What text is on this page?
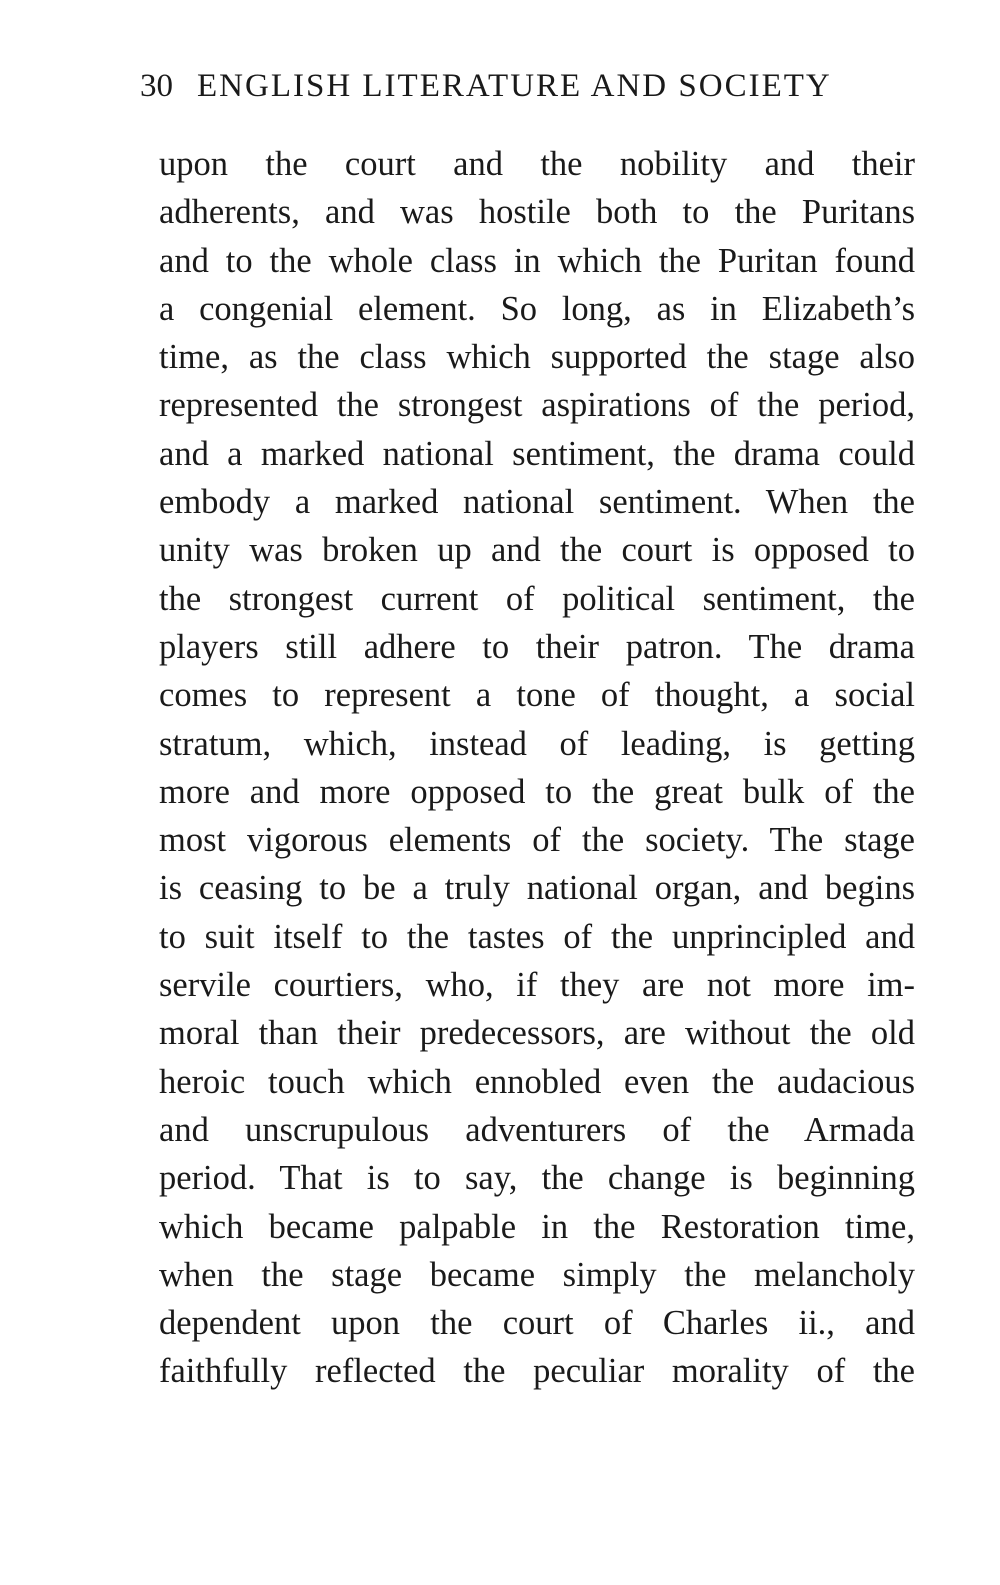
30 ENGLISH LITERATURE AND SOCIETY
upon the court and the nobility and their
adherents, and was hostile both to the Puritans
and to the whole class in which the Puritan found
a congenial element. So long, as in Elizabeth’s
time, as the class which supported the stage also
represented the strongest aspirations of the period,
and a marked national sentiment, the drama could
embody a marked national sentiment. When the
unity was broken up and the court is opposed to
the strongest current of political sentiment, the
players still adhere to their patron. The drama
comes to represent a tone of thought, a social
stratum, which, instead of leading, is getting
more and more opposed to the great bulk of the
most vigorous elements of the society. The stage
is ceasing to be a truly national organ, and begins
to suit itself to the tastes of the unprincipled and
servile courtiers, who, if they are not more im-
moral than their predecessors, are without the old
heroic touch which ennobled even the audacious
and unscrupulous adventurers of the Armada
period. That is to say, the change is beginning
which became palpable in the Restoration time,
when the stage became simply the melancholy
dependent upon the court of Charles ii., and
faithfully reflected the peculiar morality of the
